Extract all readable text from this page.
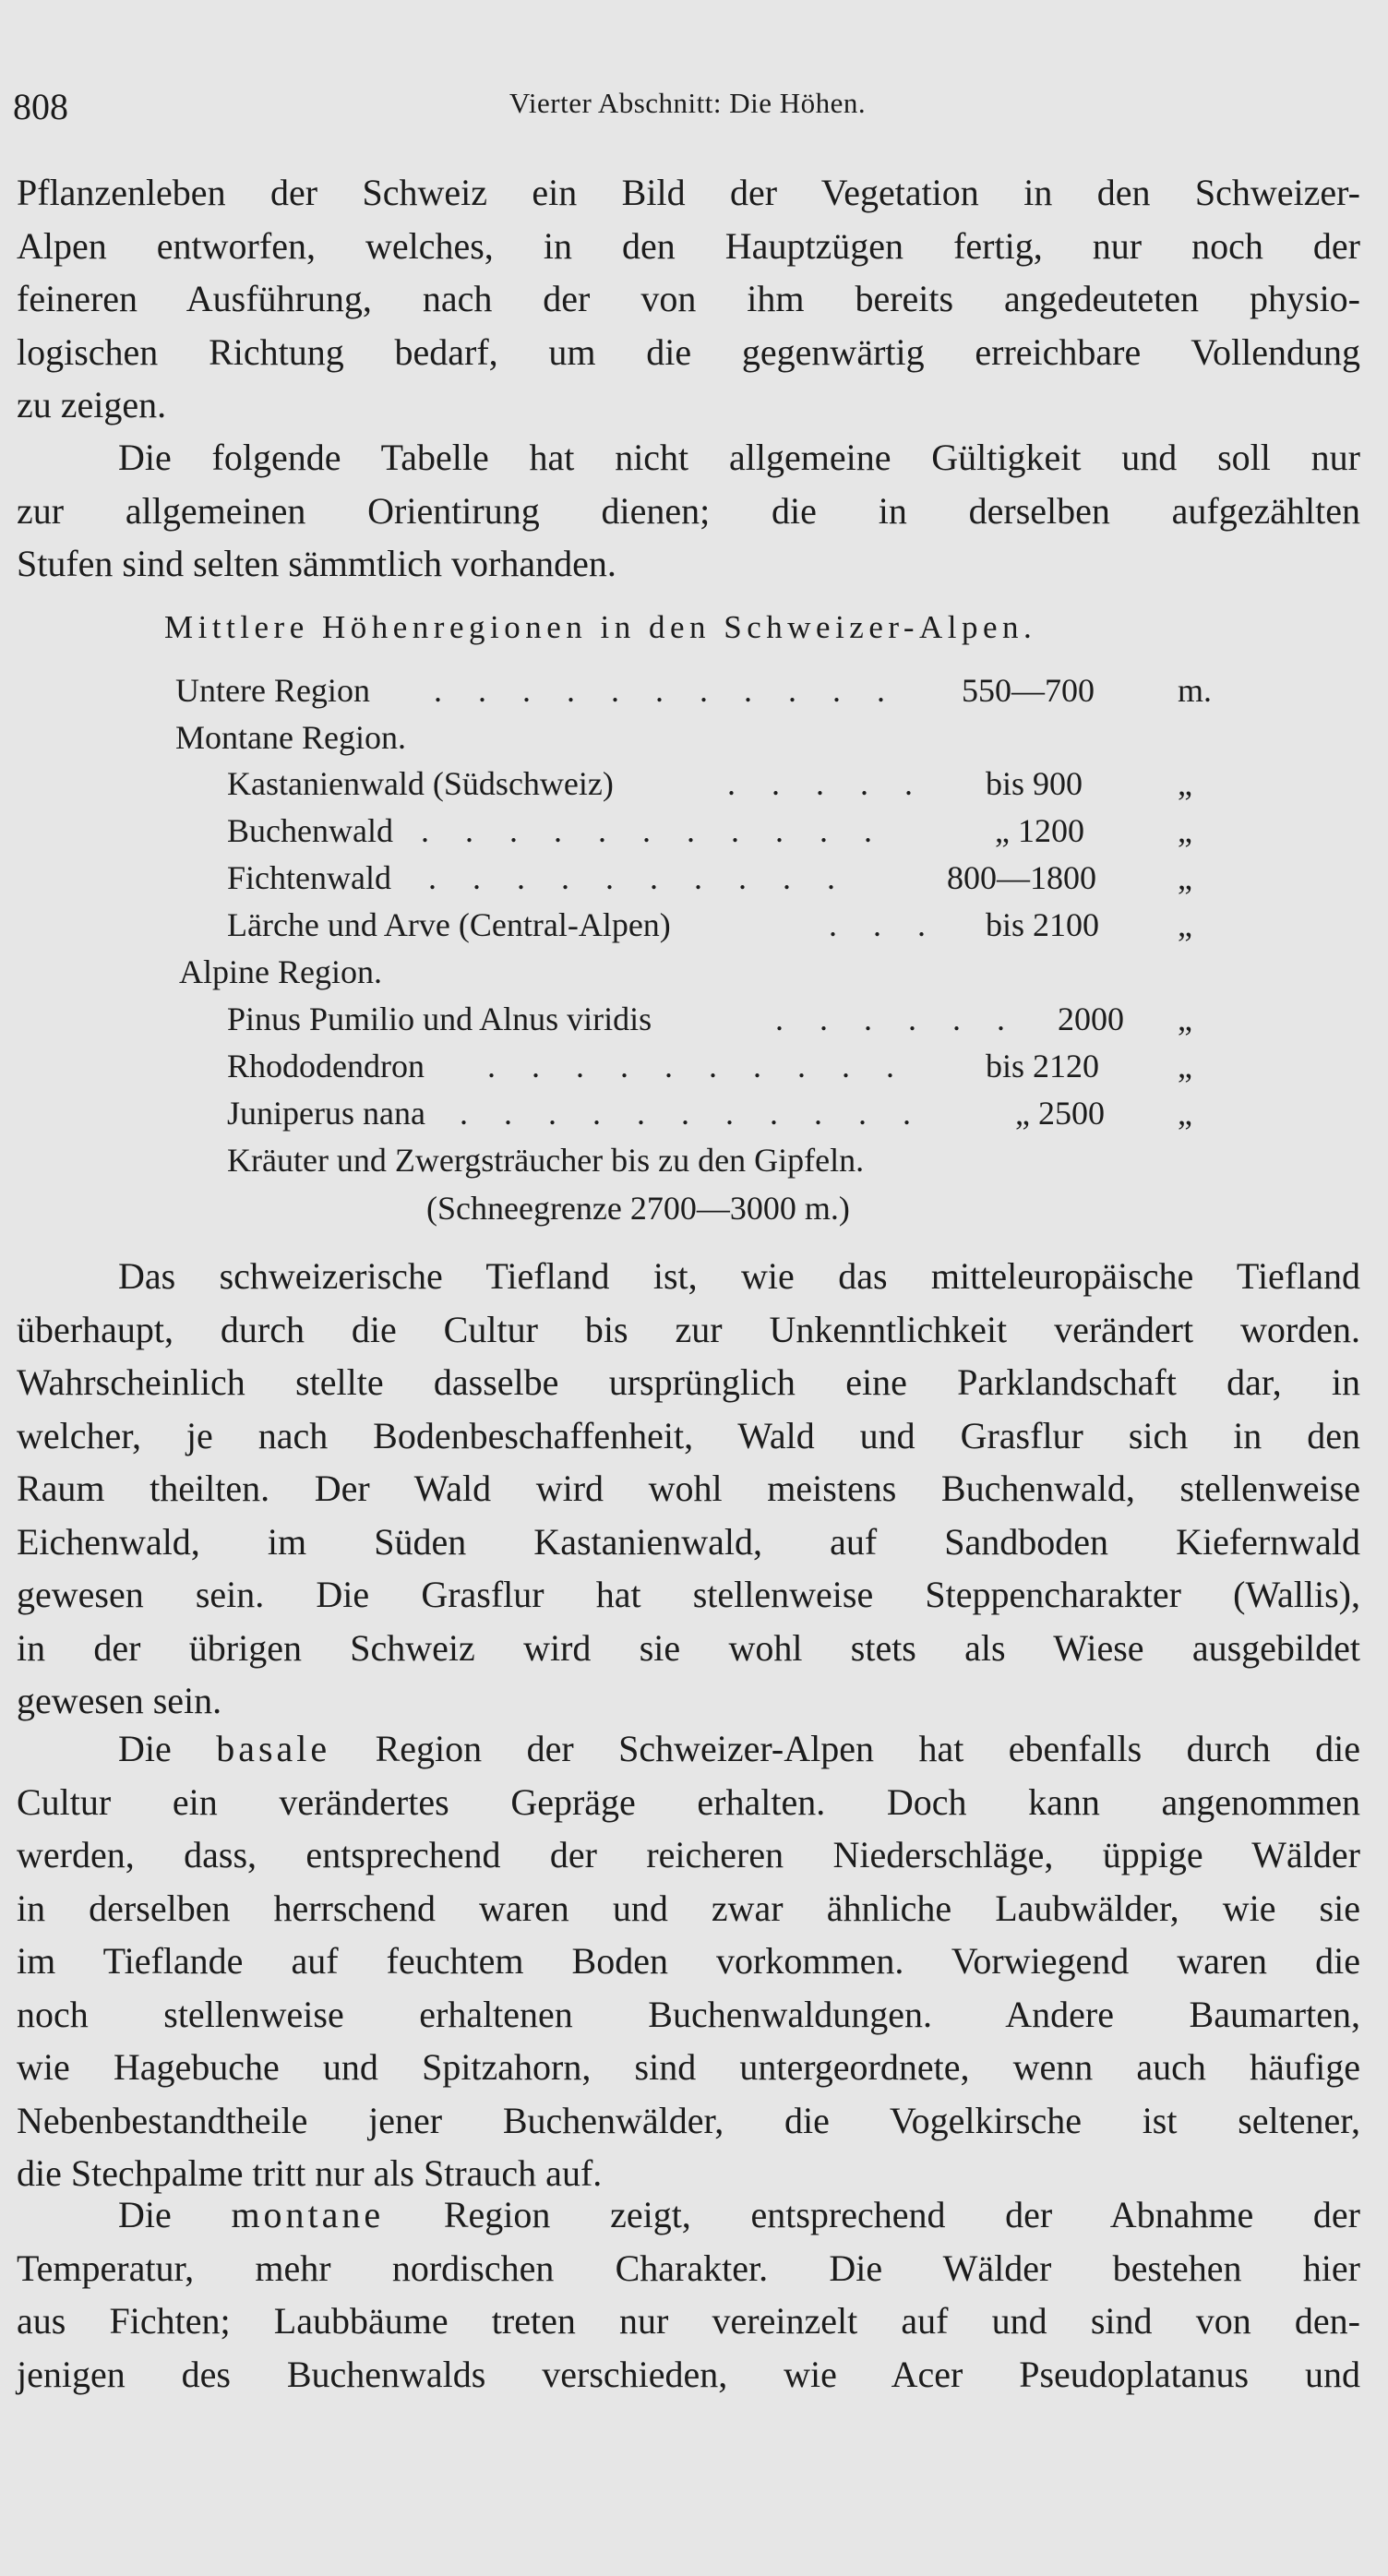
808	Vierter Abschnitt: Die Höhen.
Pflanzenleben der Schweiz ein Bild der Vegetation in den Schweizer-
Alpen entworfen, welches, in den Hauptzügen fertig, nur noch der
feineren Ausführung, nach der von ihm bereits angedeuteten physio-
logischen Richtung bedarf, um die gegenwärtig erreichbare Vollendung
zu zeigen.
Die folgende Tabelle hat nicht allgemeine Gültigkeit und soll nur
zur allgemeinen Orientirung dienen; die in derselben aufgezählten
Stufen sind selten sämmtlich vorhanden.
Mittlere Höhenregionen in den Schweizer-Alpen.
Untere Region . . . . . . . . . . . 550—700	m.
Montane Region.
Kastanienwald (Südschweiz)	. . . . . bis 900	„
Buchenwald . . . . . . . . . . .	„ 1200	„
Fichtenwald . . . . . . . . . .	800—1800 „
Lärche und Arve (Central-Alpen)	. . . bis 2100 „
Alpine Region.
Pinus Pumilio und Alnus viridis	. . . . . . 2000 „
Rhododendron . . . . . . . . . . bis 2120 „
Juniperus nana . . . . . . . . . . .	„ 2500 „
Kräuter und Zwergsträucher bis zu den Gipfeln.
(Schneegrenze 2700—3000 m.)
Das schweizerische Tiefland ist, wie das mitteleuropäische Tiefland
überhaupt, durch die Cultur bis zur Unkenntlichkeit verändert worden.
Wahrscheinlich stellte dasselbe ursprünglich eine Parklandschaft dar, in
welcher, je nach Bodenbeschaffenheit, Wald und Grasflur sich in den
Raum theilten. Der Wald wird wohl meistens Buchenwald, stellenweise
Eichenwald, im Süden Kastanienwald, auf Sandboden Kiefernwald
gewesen sein. Die Grasflur hat stellenweise Steppencharakter (Wallis),
in der übrigen Schweiz wird sie wohl stets als Wiese ausgebildet
gewesen sein.
Die basale Region der Schweizer-Alpen hat ebenfalls durch die
Cultur ein verändertes Gepräge erhalten. Doch kann angenommen
werden, dass, entsprechend der reicheren Niederschläge, üppige Wälder
in derselben herrschend waren und zwar ähnliche Laubwälder, wie sie
im Tieflande auf feuchtem Boden vorkommen. Vorwiegend waren die
noch stellenweise erhaltenen Buchenwaldungen. Andere Baumarten,
wie Hagebuche und Spitzahorn, sind untergeordnete, wenn auch häufige
Nebenbestandtheile jener Buchenwälder, die Vogelkirsche ist seltener,
die Stechpalme tritt nur als Strauch auf.
Die montane Region zeigt, entsprechend der Abnahme der
Temperatur, mehr nordischen Charakter. Die Wälder bestehen hier
aus Fichten; Laubbäume treten nur vereinzelt auf und sind von den-
jenigen des Buchenwalds verschieden, wie Acer Pseudoplatanus und
